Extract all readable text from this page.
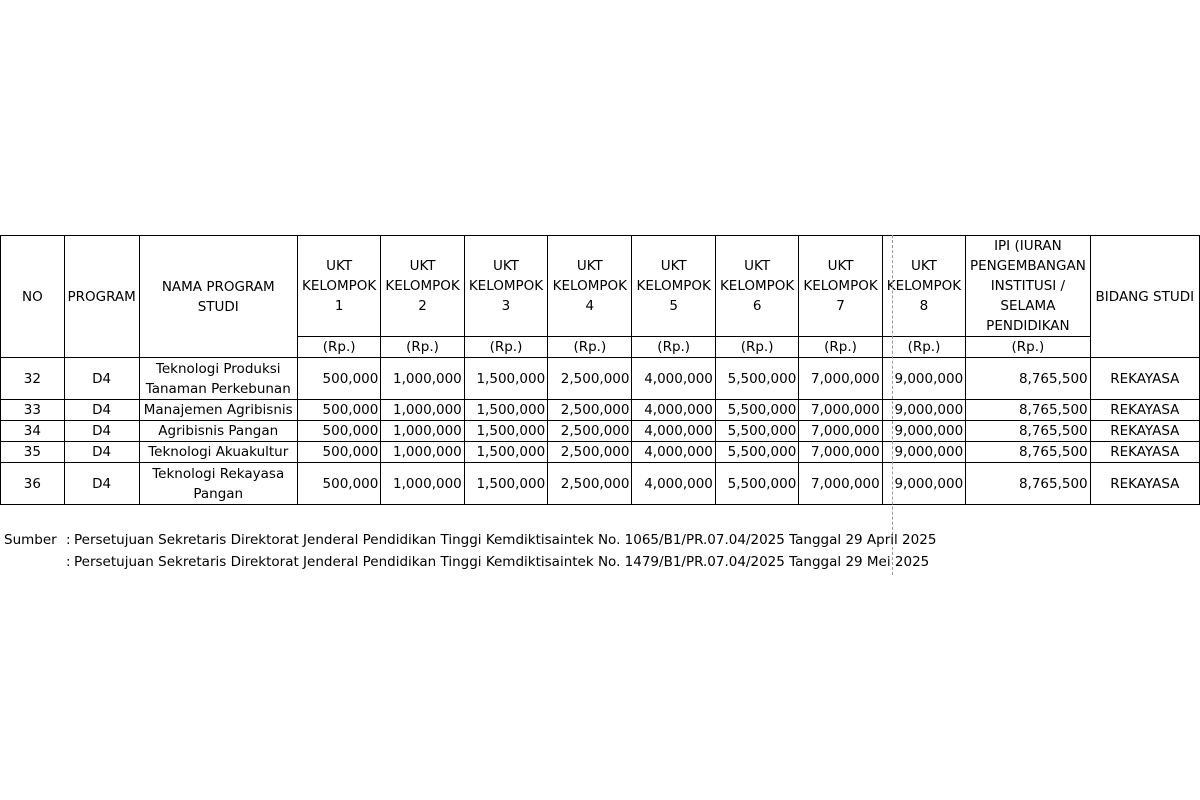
NO	PROGRAM	NAMA PROGRAM STUDI	UKT KELOMPOK 1	UKT KELOMPOK 2	UKT KELOMPOK 3	UKT KELOMPOK 4	UKT KELOMPOK 5	UKT KELOMPOK 6	UKT KELOMPOK 7	UKT KELOMPOK 8	IPI (IURAN PENGEMBANGAN INSTITUSI / SELAMA PENDIDIKAN	BIDANG STUDI
			(Rp.)	(Rp.)	(Rp.)	(Rp.)	(Rp.)	(Rp.)	(Rp.)	(Rp.)	(Rp.)	
32	D4	Teknologi Produksi Tanaman Perkebunan	500,000	1,000,000	1,500,000	2,500,000	4,000,000	5,500,000	7,000,000	9,000,000	8,765,500	REKAYASA
33	D4	Manajemen Agribisnis	500,000	1,000,000	1,500,000	2,500,000	4,000,000	5,500,000	7,000,000	9,000,000	8,765,500	REKAYASA
34	D4	Agribisnis Pangan	500,000	1,000,000	1,500,000	2,500,000	4,000,000	5,500,000	7,000,000	9,000,000	8,765,500	REKAYASA
35	D4	Teknologi Akuakultur	500,000	1,000,000	1,500,000	2,500,000	4,000,000	5,500,000	7,000,000	9,000,000	8,765,500	REKAYASA
36	D4	Teknologi Rekayasa Pangan	500,000	1,000,000	1,500,000	2,500,000	4,000,000	5,500,000	7,000,000	9,000,000	8,765,500	REKAYASA
Sumber : Persetujuan Sekretaris Direktorat Jenderal Pendidikan Tinggi Kemdiktisaintek No. 1065/B1/PR.07.04/2025 Tanggal 29 April 2025
: Persetujuan Sekretaris Direktorat Jenderal Pendidikan Tinggi Kemdiktisaintek No. 1479/B1/PR.07.04/2025 Tanggal 29 Mei 2025
